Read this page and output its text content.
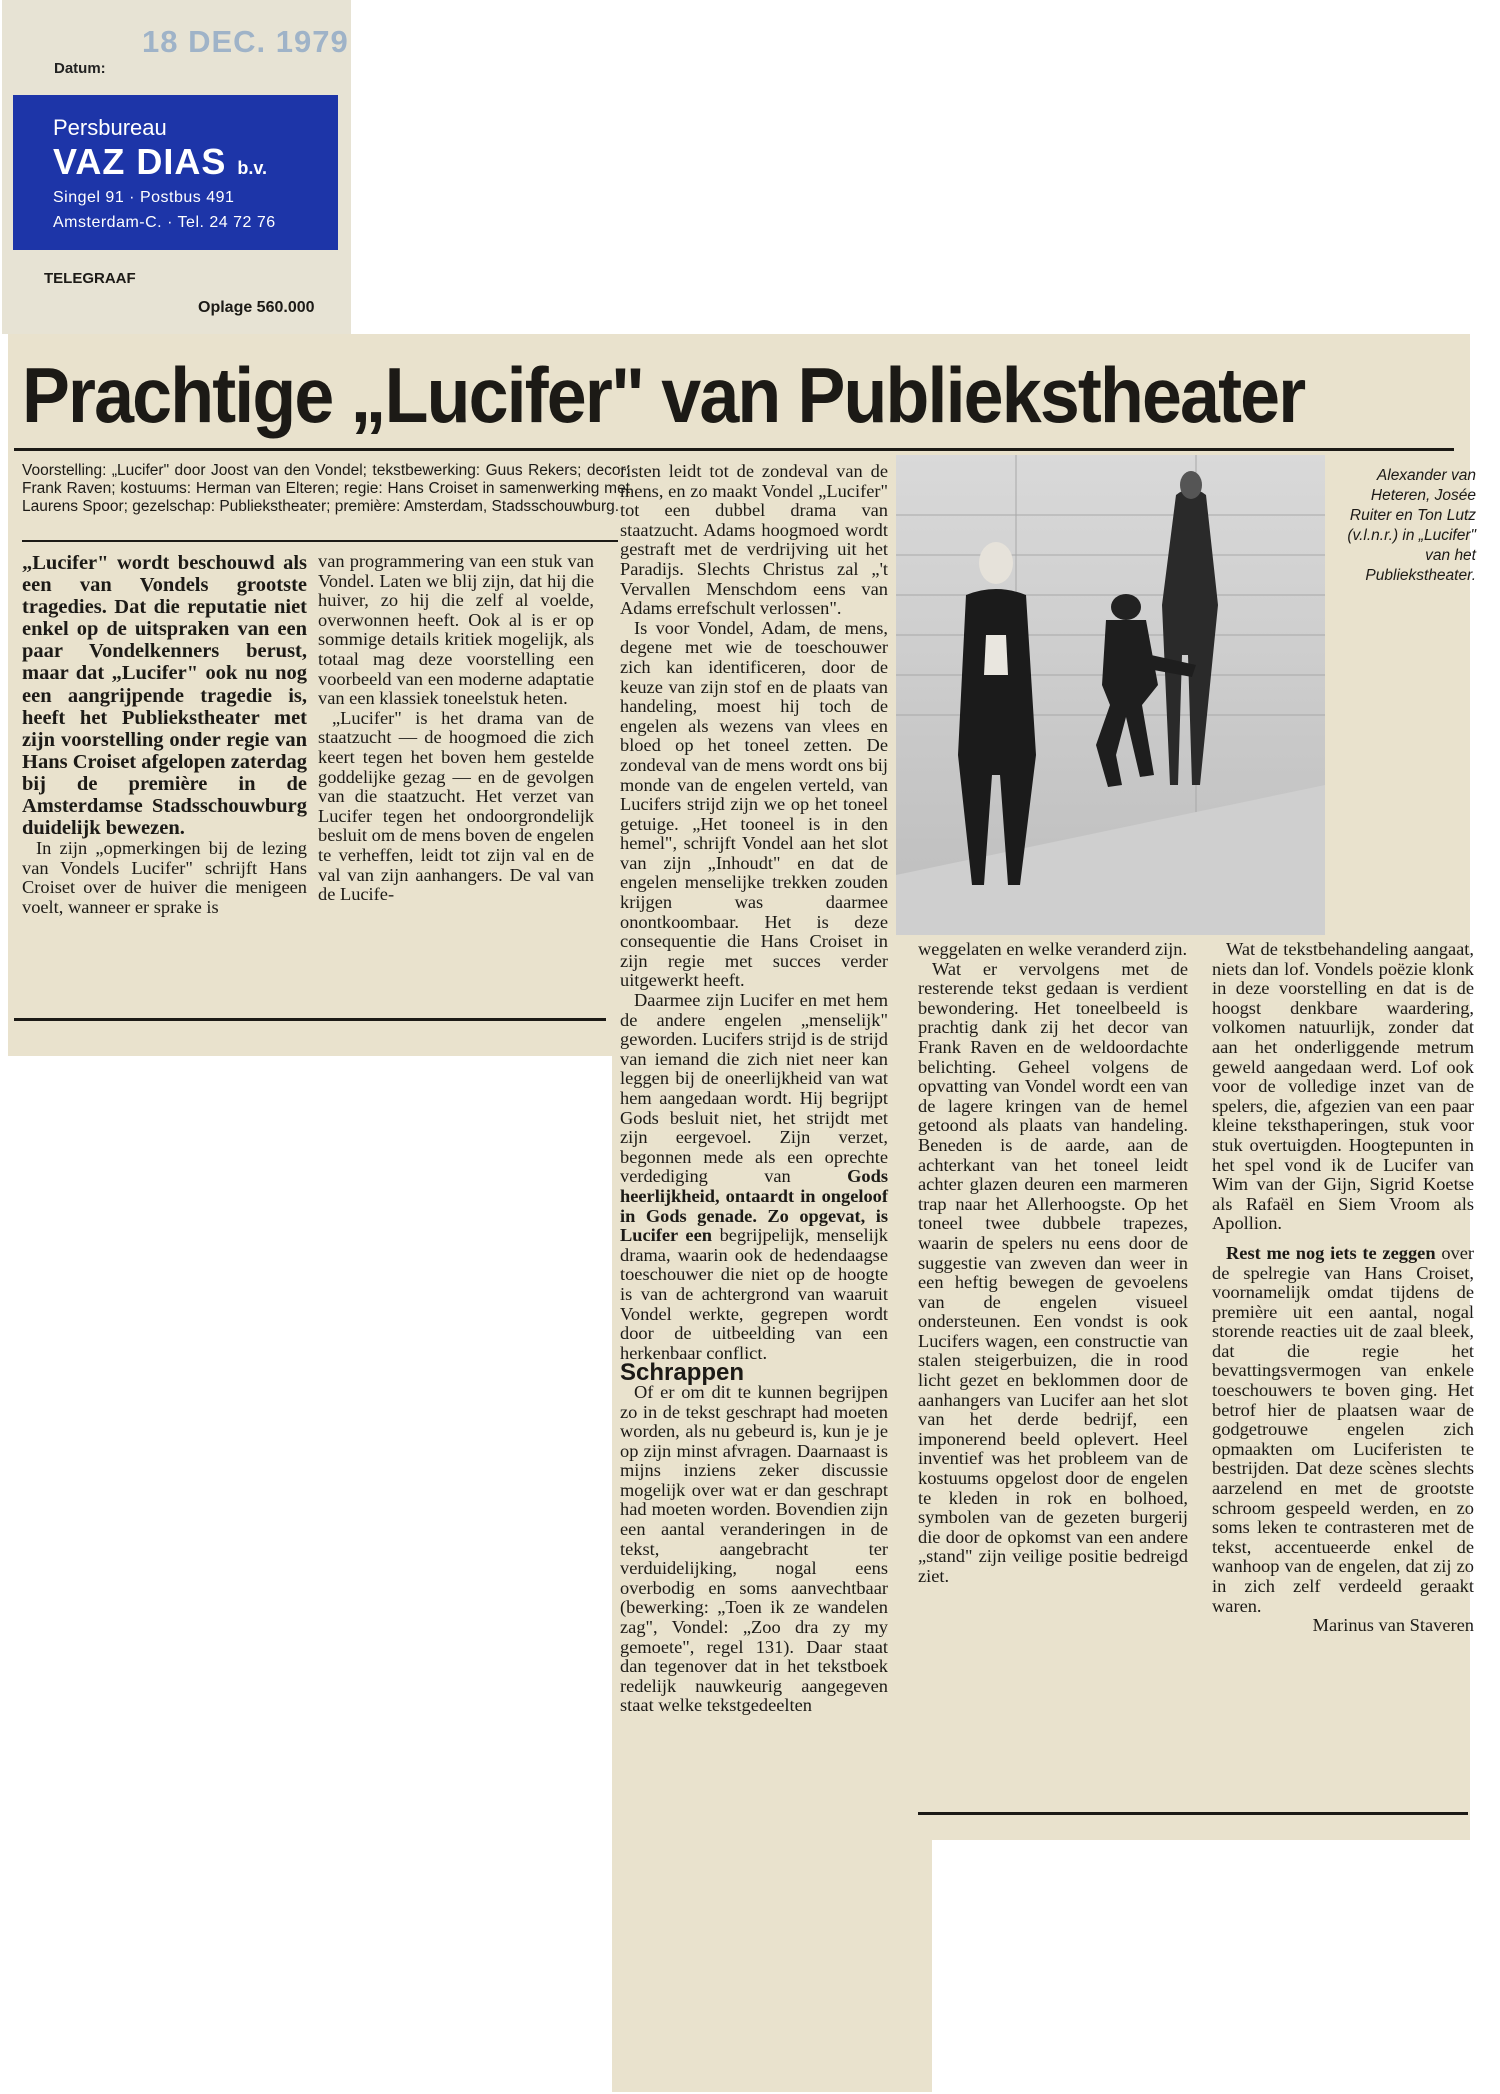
Datum:
18 DEC. 1979
Persbureau
VAZ DIAS b.v.
Singel 91 · Postbus 491
Amsterdam-C. · Tel. 24 72 76
TELEGRAAF
Oplage 560.000
Prachtige „Lucifer" van Publiekstheater
Voorstelling: „Lucifer" door Joost van den Vondel; tekstbewerking: Guus Rekers; decor: Frank Raven; kostuums: Herman van Elteren; regie: Hans Croiset in samenwerking met Laurens Spoor; gezelschap: Publiekstheater; première: Amsterdam, Stadsschouwburg.

„Lucifer" wordt beschouwd als een van Vondels grootste tragedies. Dat die reputatie niet enkel op de uitspraken van een paar Vondelkenners berust, maar dat „Lucifer" ook nu nog een aangrijpende tragedie is, heeft het Publiekstheater met zijn voorstelling onder regie van Hans Croiset afgelopen zaterdag bij de première in de Amsterdamse Stadsschouwburg duidelijk bewezen.

In zijn „opmerkingen bij de lezing van Vondels Lucifer" schrijft Hans Croiset over de huiver die menigeen voelt, wanneer er sprake is

van programmering van een stuk van Vondel. Laten we blij zijn, dat hij die huiver, zo hij die zelf al voelde, overwonnen heeft. Ook al is er op sommige details kritiek mogelijk, als totaal mag deze voorstelling een voorbeeld van een moderne adaptatie van een klassiek toneelstuk heten.

„Lucifer" is het drama van de staatzucht — de hoogmoed die zich keert tegen het boven hem gestelde goddelijke gezag — en de gevolgen van die staatzucht. Het verzet van Lucifer tegen het ondoorgrondelijk besluit om de mens boven de engelen te verheffen, leidt tot zijn val en de val van zijn aanhangers. De val van de Lucife-

risten leidt tot de zondeval van de mens, en zo maakt Vondel „Lucifer" tot een dubbel drama van staatzucht. Adams hoogmoed wordt gestraft met de verdrijving uit het Paradijs. Slechts Christus zal „'t Vervallen Menschdom eens van Adams errefschult verlossen".

Is voor Vondel, Adam, de mens, degene met wie de toeschouwer zich kan identificeren, door de keuze van zijn stof en de plaats van handeling, moest hij toch de engelen als wezens van vlees en bloed op het toneel zetten. De zondeval van de mens wordt ons bij monde van de engelen verteld, van Lucifers strijd zijn we op het toneel getuige. „Het tooneel is in den hemel", schrijft Vondel aan het slot van zijn „Inhoudt" en dat de engelen menselijke trekken zouden krijgen was daarmee onontkoombaar. Het is deze consequentie die Hans Croiset in zijn regie met succes verder uitgewerkt heeft.

Daarmee zijn Lucifer en met hem de andere engelen „menselijk" geworden. Lucifers strijd is de strijd van iemand die zich niet neer kan leggen bij de oneerlijkheid van wat hem aangedaan wordt. Hij begrijpt Gods besluit niet, het strijdt met zijn eergevoel. Zijn verzet, begonnen mede als een oprechte verdediging van	Gods heerlijkheid, ontaardt in ongeloof in Gods genade. Zo opgevat, is Lucifer een begrijpelijk, menselijk drama, waarin ook de hedendaagse toeschouwer die niet op de hoogte is van de achtergrond van waaruit Vondel werkte, gegrepen wordt door de uitbeelding van een herkenbaar conflict.

Schrappen

Of er om dit te kunnen begrijpen zo in de tekst geschrapt had moeten worden, als nu gebeurd is, kun je je op zijn minst afvragen. Daarnaast is mijns inziens zeker discussie mogelijk over wat er dan geschrapt had moeten worden. Bovendien zijn een aantal veranderingen in de tekst, aangebracht ter verduidelijking, nogal eens overbodig en soms aanvechtbaar (bewerking: „Toen ik ze wandelen zag", Vondel: „Zoo dra zy my gemoete", regel 131). Daar staat dan tegenover dat in het tekstboek redelijk nauwkeurig aangegeven staat welke tekstgedeelten

Alexander van Heteren, Josée Ruiter en Ton Lutz (v.l.n.r.) in „Lucifer" van het Publiekstheater.

weggelaten en welke veranderd zijn.

Wat er vervolgens met de resterende tekst gedaan is verdient bewondering. Het toneelbeeld is prachtig dank zij het decor van Frank Raven en de weldoordachte belichting. Geheel volgens de opvatting van Vondel wordt een van de lagere kringen van de hemel getoond als plaats van handeling. Beneden is de aarde, aan de achterkant van het toneel leidt achter glazen deuren een marmeren trap naar het Allerhoogste. Op het toneel twee dubbele trapezes, waarin de spelers nu eens door de suggestie van zweven dan weer in een heftig bewegen de gevoelens van de engelen visueel ondersteunen. Een vondst is ook Lucifers wagen, een constructie van stalen steigerbuizen, die in rood licht gezet en beklommen door de aanhangers van Lucifer aan het slot van het derde bedrijf, een imponerend beeld oplevert. Heel inventief was het probleem van de kostuums opgelost door de engelen te kleden in rok en bolhoed, symbolen van de gezeten burgerij die door de opkomst van een andere „stand" zijn veilige positie bedreigd ziet.

Wat de tekstbehandeling aangaat, niets dan lof. Vondels poëzie klonk in deze voorstelling en dat is de hoogst denkbare waardering, volkomen natuurlijk, zonder dat aan het onderliggende metrum geweld aangedaan werd. Lof ook voor de volledige inzet van de spelers, die, afgezien van een paar kleine teksthaperingen, stuk voor stuk overtuigden. Hoogtepunten in het spel vond ik de Lucifer van Wim van der Gijn, Sigrid Koetse als Rafaël en Siem Vroom als Apollion.

Rest me nog iets te zeggen over de spelregie van Hans Croiset, voornamelijk omdat tijdens de première uit een aantal, nogal storende reacties uit de zaal bleek, dat die regie het bevattingsvermogen van enkele toeschouwers te boven ging. Het betrof hier de plaatsen waar de godgetrouwe engelen zich opmaakten om Luciferisten te bestrijden. Dat deze scènes slechts aarzelend en met de grootste schroom gespeeld werden, en zo soms leken te contrasteren met de tekst, accentueerde enkel de wanhoop van de engelen, dat zij zo in zich zelf verdeeld geraakt waren.

Marinus van Staveren
